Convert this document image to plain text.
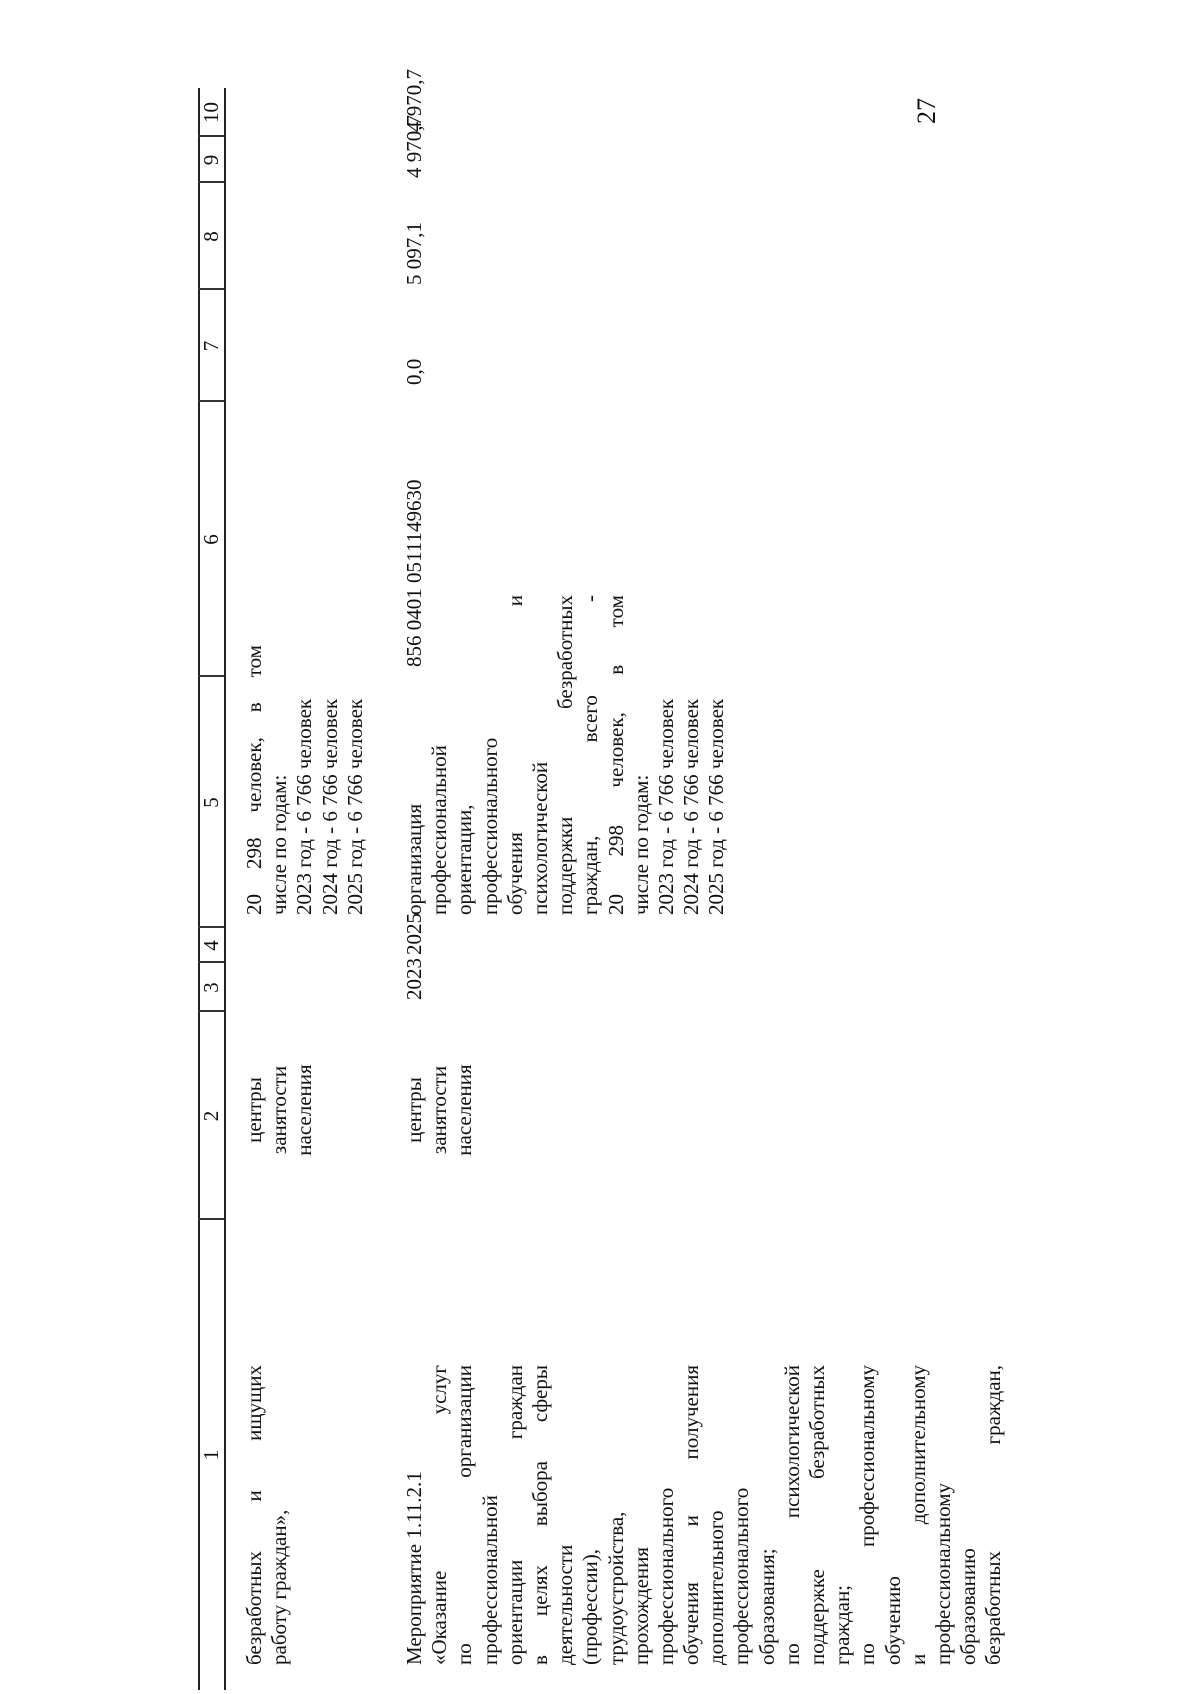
27
1
2
3
4
5
6
7
8
9
10
безработных
и
ищущих
работу граждан»,
центры занятости населения
20
298
человек,
в
том
числе по годам: 2023 год - 6 766 человек 2024 год - 6 766 человек 2025 год - 6 766 человек
Мероприятие 1.11.2.1 «Оказание
услуг
по
организации
профессиональной ориентации
граждан
в
целях
выбора
сферы
деятельности (профессии), трудоустройства, прохождения профессионального обучения
и
получения
дополнительного профессионального образования; по
психологической
поддержке
безработных
граждан; по
профессиональному
обучению и
дополнительному
профессиональному образованию безработных
граждан,
центры занятости населения
2023
2025
организация профессиональной ориентации, профессионального обучения
и
психологической поддержки
безработных
граждан,
всего
-
20
298
человек,
в
том
числе по годам: 2023 год - 6 766 человек 2024 год - 6 766 человек 2025 год - 6 766 человек
856 0401 0511149630
0,0
5 097,1
4 970,7
4 970,7
